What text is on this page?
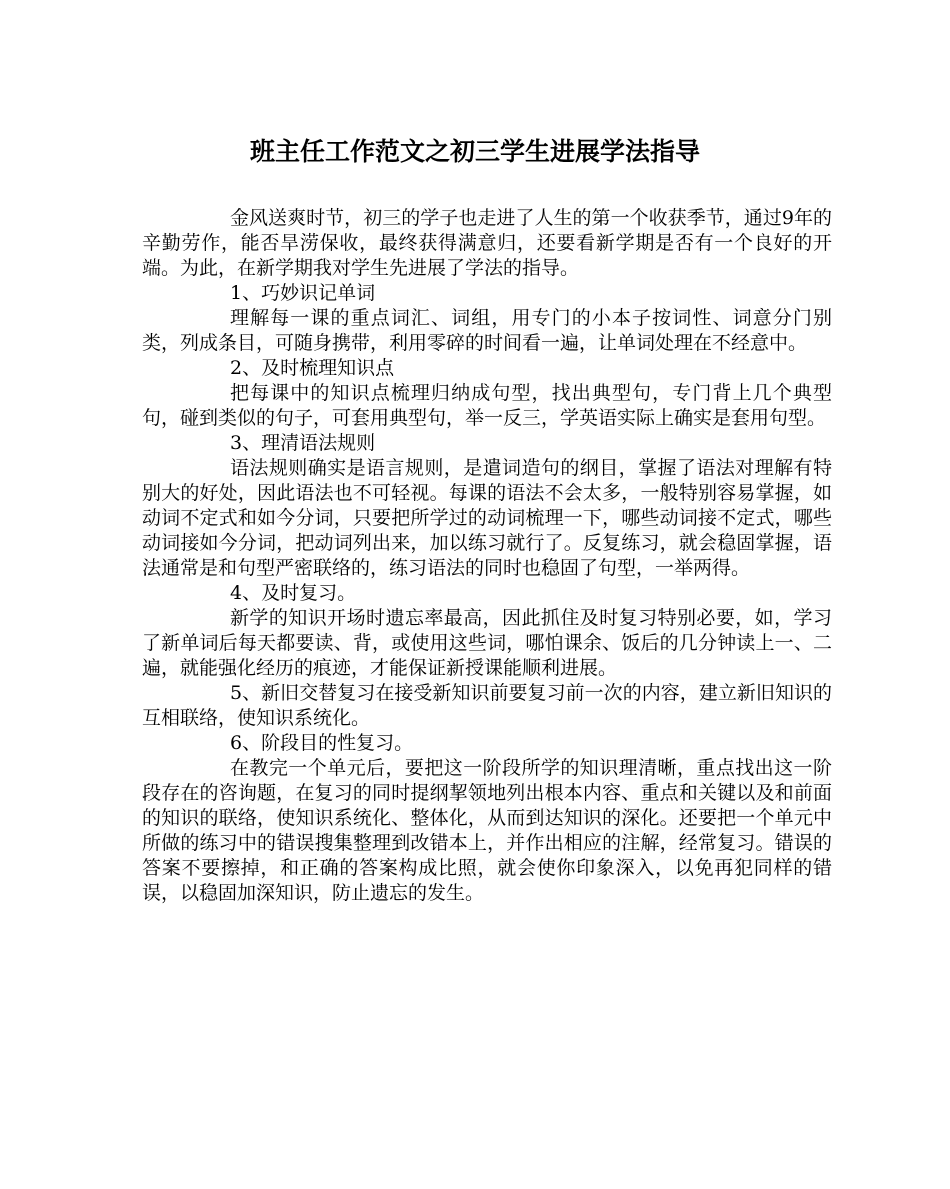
班主任工作范文之初三学生进展学法指导

金风送爽时节，初三的学子也走进了人生的第一个收获季节，通过9年的辛勤劳作，能否旱涝保收，最终获得满意归，还要看新学期是否有一个良好的开端。为此，在新学期我对学生先进展了学法的指导。

1、巧妙识记单词

理解每一课的重点词汇、词组，用专门的小本子按词性、词意分门别类，列成条目，可随身携带，利用零碎的时间看一遍，让单词处理在不经意中。

2、及时梳理知识点

把每课中的知识点梳理归纳成句型，找出典型句，专门背上几个典型句，碰到类似的句子，可套用典型句，举一反三，学英语实际上确实是套用句型。

3、理清语法规则

语法规则确实是语言规则，是遣词造句的纲目，掌握了语法对理解有特别大的好处，因此语法也不可轻视。每课的语法不会太多，一般特别容易掌握，如动词不定式和如今分词，只要把所学过的动词梳理一下，哪些动词接不定式，哪些动词接如今分词，把动词列出来，加以练习就行了。反复练习，就会稳固掌握，语法通常是和句型严密联络的，练习语法的同时也稳固了句型，一举两得。

4、及时复习。

新学的知识开场时遗忘率最高，因此抓住及时复习特别必要，如，学习了新单词后每天都要读、背，或使用这些词，哪怕课余、饭后的几分钟读上一、二遍，就能强化经历的痕迹，才能保证新授课能顺利进展。

5、新旧交替复习在接受新知识前要复习前一次的内容，建立新旧知识的互相联络，使知识系统化。

6、阶段目的性复习。

在教完一个单元后，要把这一阶段所学的知识理清晰，重点找出这一阶段存在的咨询题，在复习的同时提纲挈领地列出根本内容、重点和关键以及和前面的知识的联络，使知识系统化、整体化，从而到达知识的深化。还要把一个单元中所做的练习中的错误搜集整理到改错本上，并作出相应的注解，经常复习。错误的答案不要擦掉，和正确的答案构成比照，就会使你印象深入，以免再犯同样的错误，以稳固加深知识，防止遗忘的发生。
